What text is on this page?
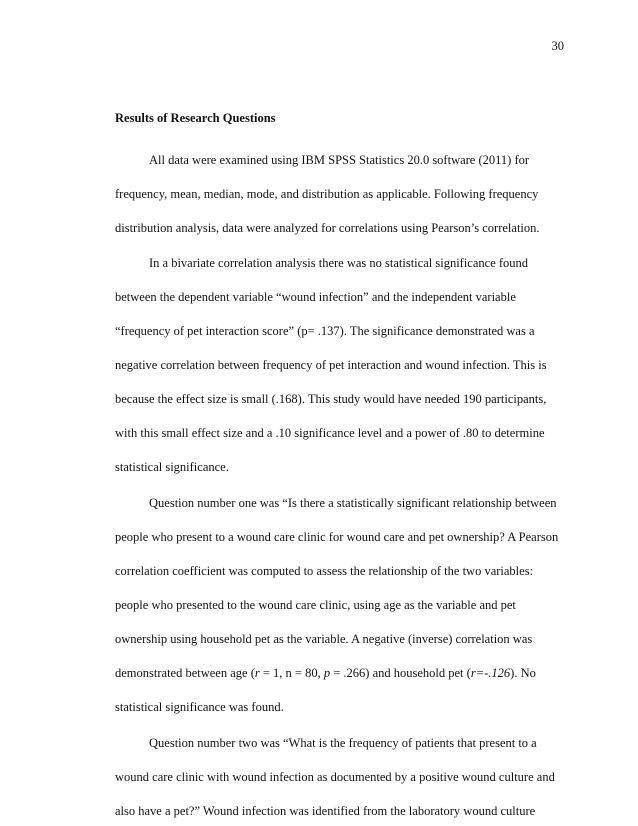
30

Results of Research Questions

All data were examined using IBM SPSS Statistics 20.0 software (2011) for
frequency, mean, median, mode, and distribution as applicable. Following frequency
distribution analysis, data were analyzed for correlations using Pearson’s correlation.
In a bivariate correlation analysis there was no statistical significance found
between the dependent variable “wound infection” and the independent variable
“frequency of pet interaction score” (p= .137). The significance demonstrated was a
negative correlation between frequency of pet interaction and wound infection. This is
because the effect size is small (.168). This study would have needed 190 participants,
with this small effect size and a .10 significance level and a power of .80 to determine
statistical significance.
Question number one was “Is there a statistically significant relationship between
people who present to a wound care clinic for wound care and pet ownership? A Pearson
correlation coefficient was computed to assess the relationship of the two variables:
people who presented to the wound care clinic, using age as the variable and pet
ownership using household pet as the variable. A negative (inverse) correlation was
demonstrated between age (r = 1, n = 80, p = .266) and household pet (r=-.126). No
statistical significance was found.
Question number two was “What is the frequency of patients that present to a
wound care clinic with wound infection as documented by a positive wound culture and
also have a pet?” Wound infection was identified from the laboratory wound culture
